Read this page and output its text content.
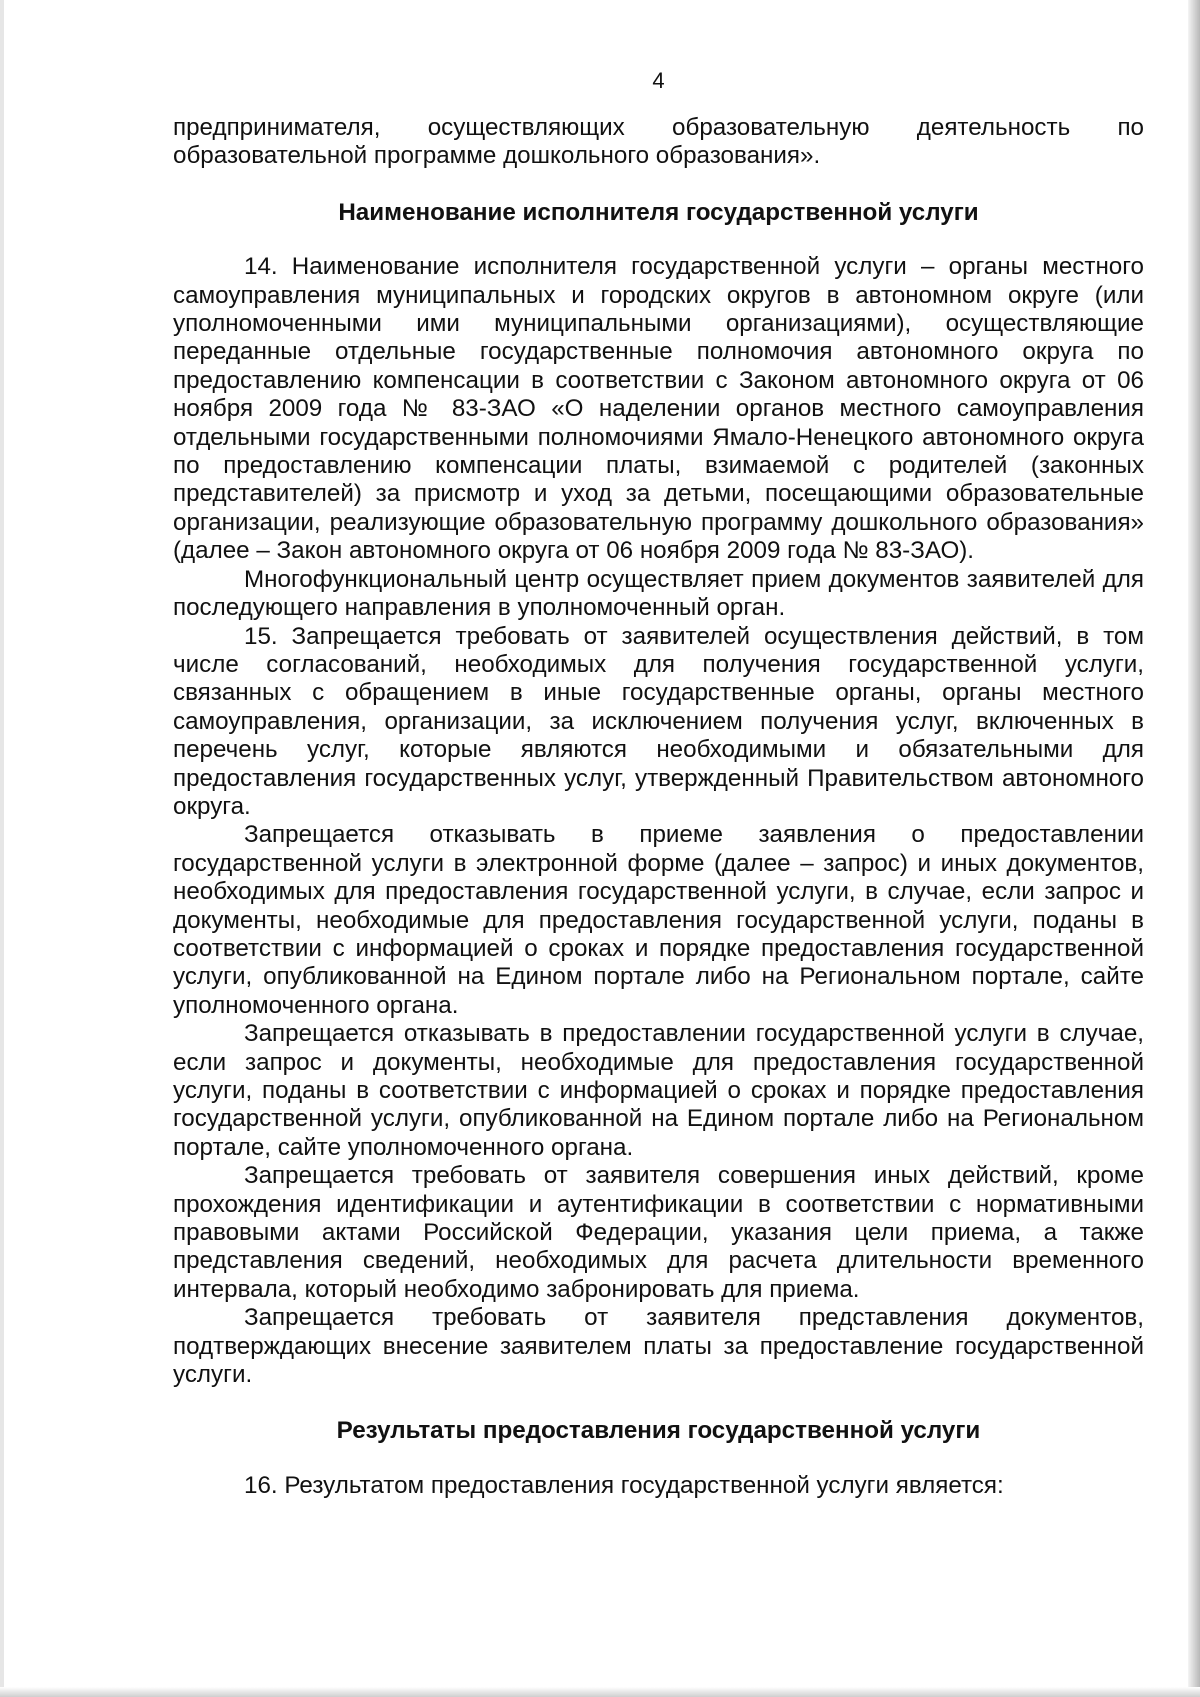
4

предпринимателя, осуществляющих образовательную деятельность по образовательной программе дошкольного образования».

Наименование исполнителя государственной услуги

14. Наименование исполнителя государственной услуги – органы местного самоуправления муниципальных и городских округов в автономном округе (или уполномоченными ими муниципальными организациями), осуществляющие переданные отдельные государственные полномочия автономного округа по предоставлению компенсации в соответствии с Законом автономного округа от 06 ноября 2009 года № 83-ЗАО «О наделении органов местного самоуправления отдельными государственными полномочиями Ямало-Ненецкого автономного округа по предоставлению компенсации платы, взимаемой с родителей (законных представителей) за присмотр и уход за детьми, посещающими образовательные организации, реализующие образовательную программу дошкольного образования» (далее – Закон автономного округа от 06 ноября 2009 года № 83-ЗАО).

Многофункциональный центр осуществляет прием документов заявителей для последующего направления в уполномоченный орган.

15. Запрещается требовать от заявителей осуществления действий, в том числе согласований, необходимых для получения государственной услуги, связанных с обращением в иные государственные органы, органы местного самоуправления, организации, за исключением получения услуг, включенных в перечень услуг, которые являются необходимыми и обязательными для предоставления государственных услуг, утвержденный Правительством автономного округа.

Запрещается отказывать в приеме заявления о предоставлении государственной услуги в электронной форме (далее – запрос) и иных документов, необходимых для предоставления государственной услуги, в случае, если запрос и документы, необходимые для предоставления государственной услуги, поданы в соответствии с информацией о сроках и порядке предоставления государственной услуги, опубликованной на Едином портале либо на Региональном портале, сайте уполномоченного органа.

Запрещается отказывать в предоставлении государственной услуги в случае, если запрос и документы, необходимые для предоставления государственной услуги, поданы в соответствии с информацией о сроках и порядке предоставления государственной услуги, опубликованной на Едином портале либо на Региональном портале, сайте уполномоченного органа.

Запрещается требовать от заявителя совершения иных действий, кроме прохождения идентификации и аутентификации в соответствии с нормативными правовыми актами Российской Федерации, указания цели приема, а также представления сведений, необходимых для расчета длительности временного интервала, который необходимо забронировать для приема.

Запрещается требовать от заявителя представления документов, подтверждающих внесение заявителем платы за предоставление государственной услуги.

Результаты предоставления государственной услуги

16. Результатом предоставления государственной услуги является:
